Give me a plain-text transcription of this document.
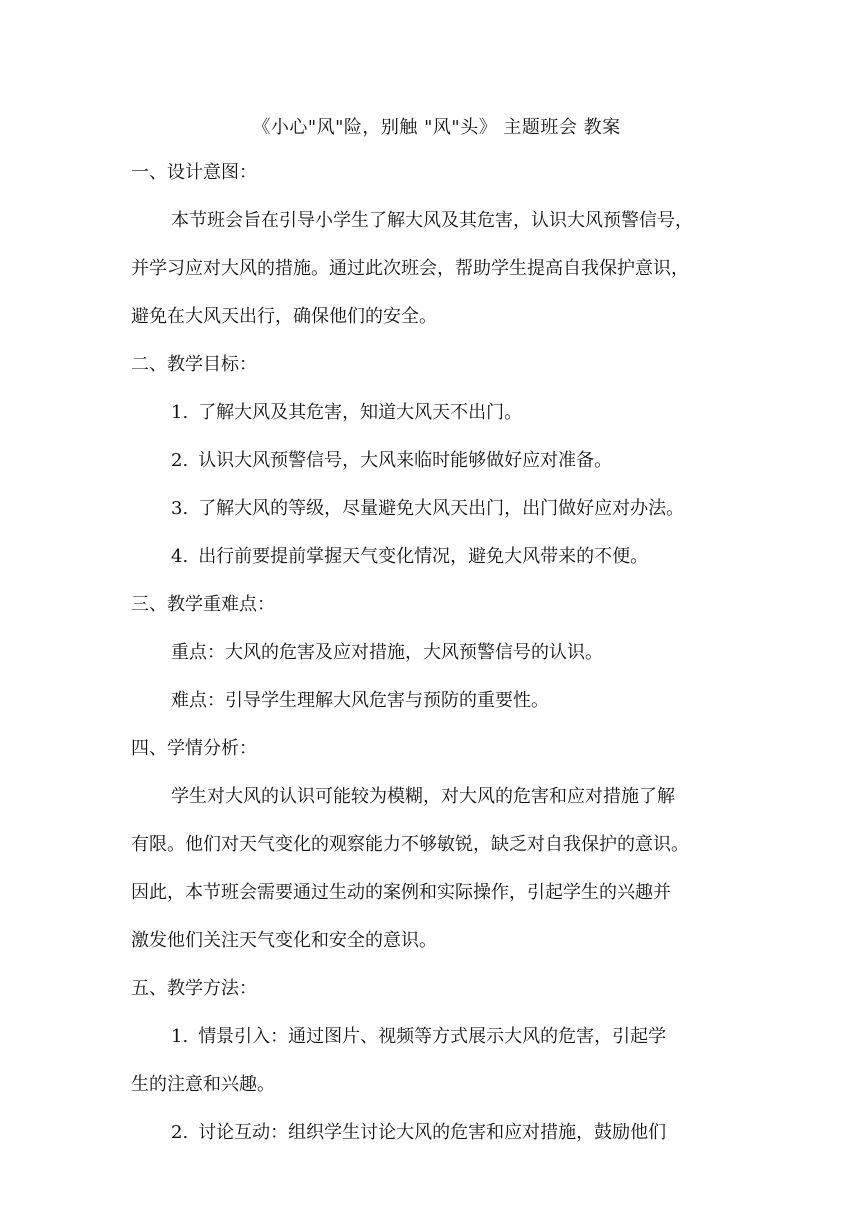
《小心"风"险，别触 "风"头》 主题班会 教案
一、设计意图：
本节班会旨在引导小学生了解大风及其危害，认识大风预警信号，
并学习应对大风的措施。通过此次班会，帮助学生提高自我保护意识，
避免在大风天出行，确保他们的安全。
二、教学目标：
1. 了解大风及其危害，知道大风天不出门。
2. 认识大风预警信号，大风来临时能够做好应对准备。
3. 了解大风的等级，尽量避免大风天出门，出门做好应对办法。
4. 出行前要提前掌握天气变化情况，避免大风带来的不便。
三、教学重难点：
重点：大风的危害及应对措施，大风预警信号的认识。
难点：引导学生理解大风危害与预防的重要性。
四、学情分析：
学生对大风的认识可能较为模糊，对大风的危害和应对措施了解
有限。他们对天气变化的观察能力不够敏锐，缺乏对自我保护的意识。
因此，本节班会需要通过生动的案例和实际操作，引起学生的兴趣并
激发他们关注天气变化和安全的意识。
五、教学方法：
1. 情景引入：通过图片、视频等方式展示大风的危害，引起学
生的注意和兴趣。
2. 讨论互动：组织学生讨论大风的危害和应对措施，鼓励他们
